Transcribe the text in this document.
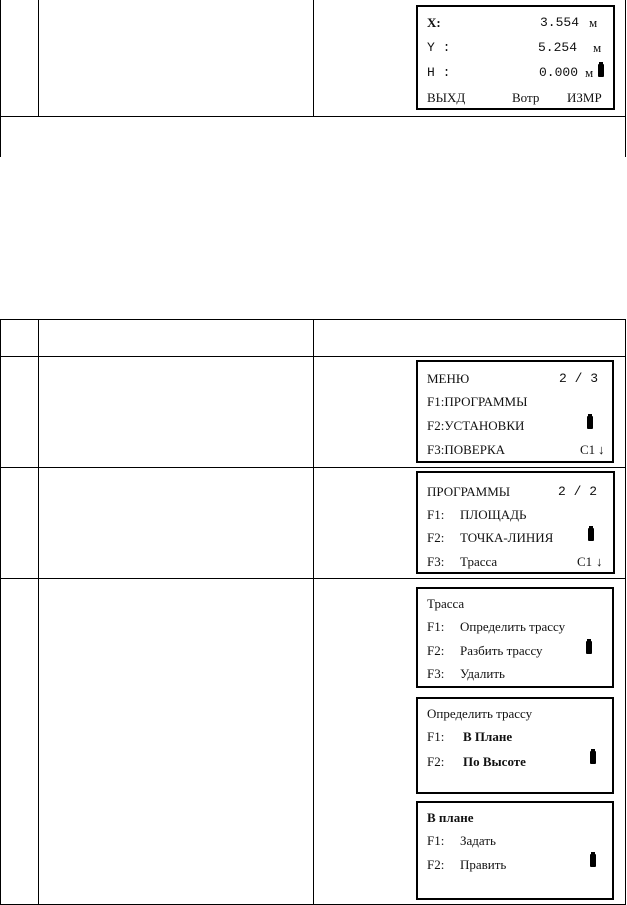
X:	3.554 м
Y :	5.254 м
H :	0.000 м
ВЫХД	Вотр ИЗМР
МЕНЮ	2 / 3
F1:ПРОГРАММЫ
F2:УСТАНОВКИ
F3:ПОВЕРКА	C1 ↓
ПРОГРАММЫ	2 / 2
F1: ПЛОЩАДЬ
F2: ТОЧКА-ЛИНИЯ
F3: Трасса	C1 ↓
Трасса
F1: Определить трассу
F2: Разбить трассу
F3: Удалить
Определить трассу
F1: В Плане
F2: По Высоте
В плане
F1: Задать
F2: Править
